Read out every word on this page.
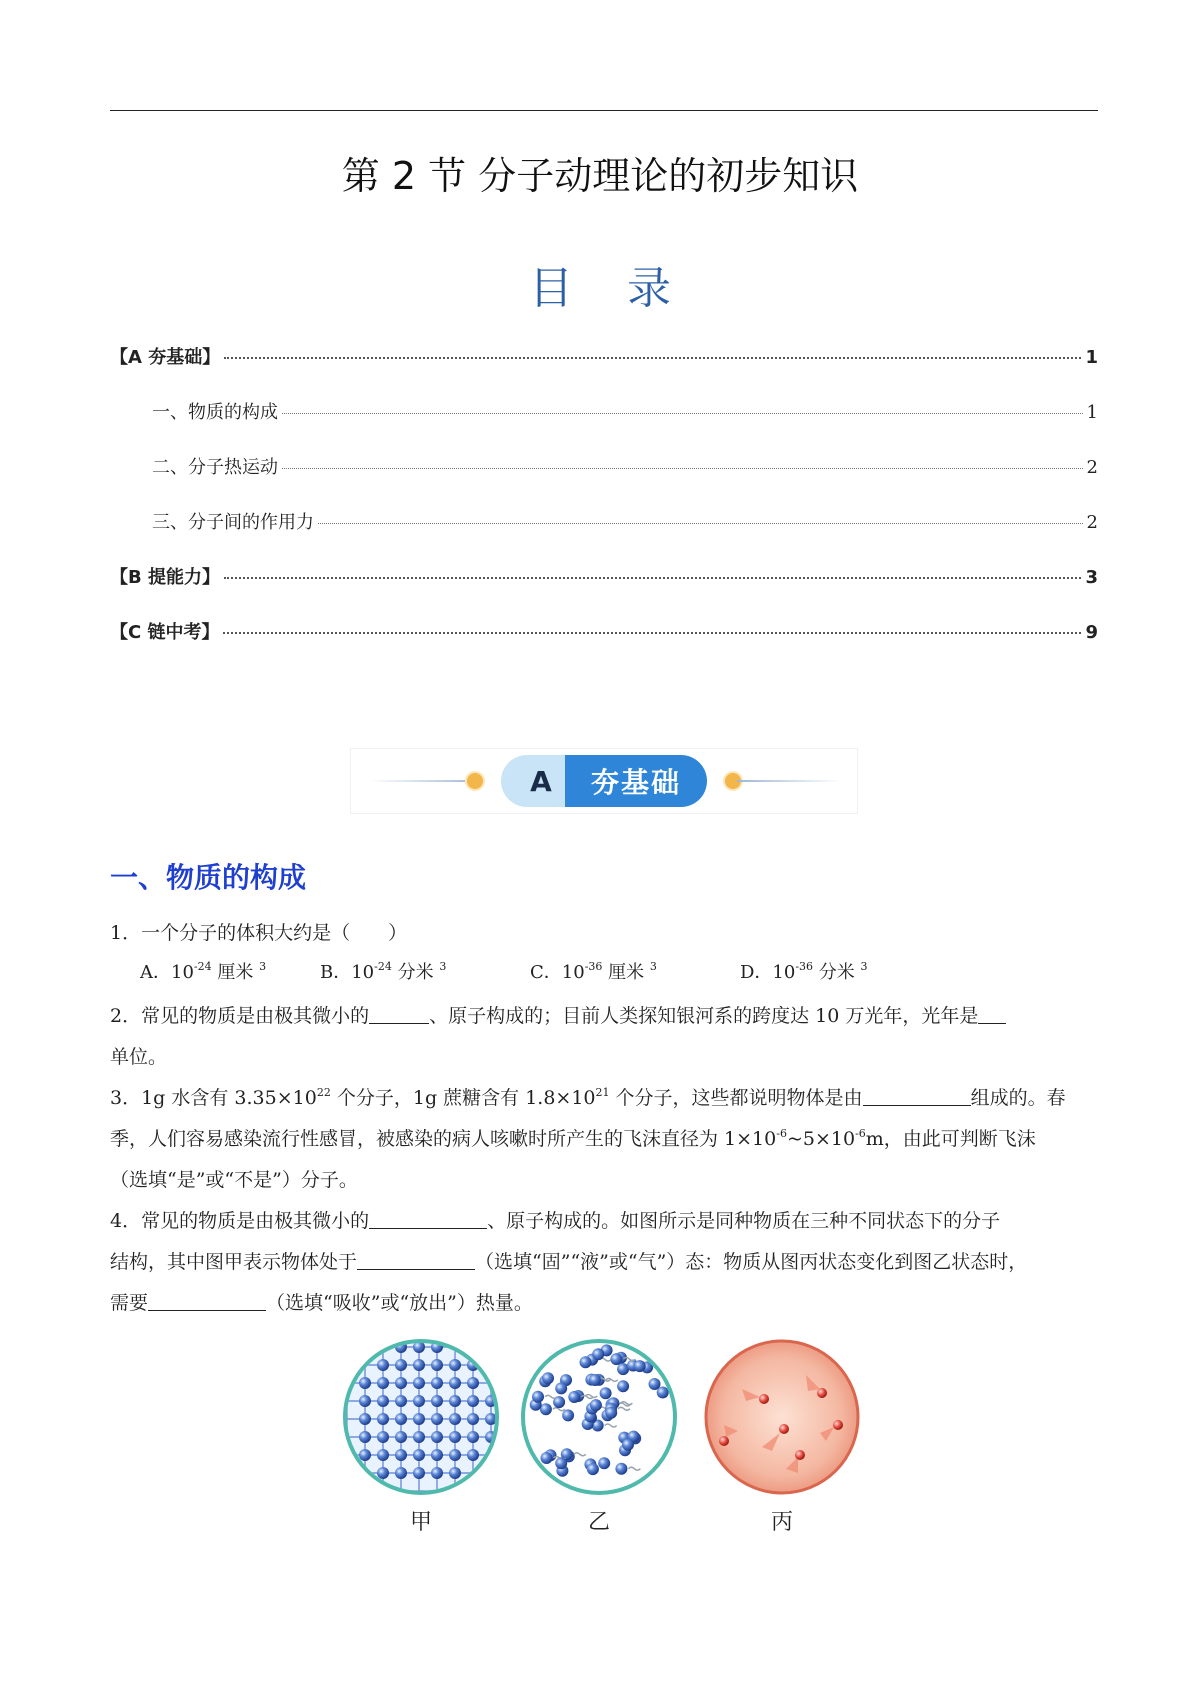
第 2 节 分子动理论的初步知识
目录
【A 夯基础】	1
一、物质的构成	1
二、分子热运动	2
三、分子间的作用力	2
【B 提能力】	3
【C 链中考】	9
A	夯基础
一、物质的构成
1．一个分子的体积大约是（　　）
A．$10^{-24}$ 厘米 $^3$	B．$10^{-24}$ 分米 $^3$	C．$10^{-36}$ 厘米 $^3$	D．$10^{-36}$ 分米 $^3$
2．常见的物质是由极其微小的	、原子构成的；目前人类探知银河系的跨度达 10 万光年，光年是
单位。
3．1g 水含有 $3.35\times 10^{22}$ 个分子，1g 蔗糖含有 $1.8\times 10^{21}$ 个分子，这些都说明物体是由	组成的。春
季，人们容易感染流行性感冒，被感染的病人咳嗽时所产生的飞沫直径为 $1\times 10^{-6}\sim 5\times 10^{-6}m$，由此可判断飞沫
（选填“是”或“不是”）分子。
4．常见的物质是由极其微小的	、原子构成的。如图所示是同种物质在三种不同状态下的分子
结构，其中图甲表示物体处于	（选填“固”“液”或“气”）态：物质从图丙状态变化到图乙状态时，
需要	（选填“吸收”或“放出”）热量。
甲	乙	丙
